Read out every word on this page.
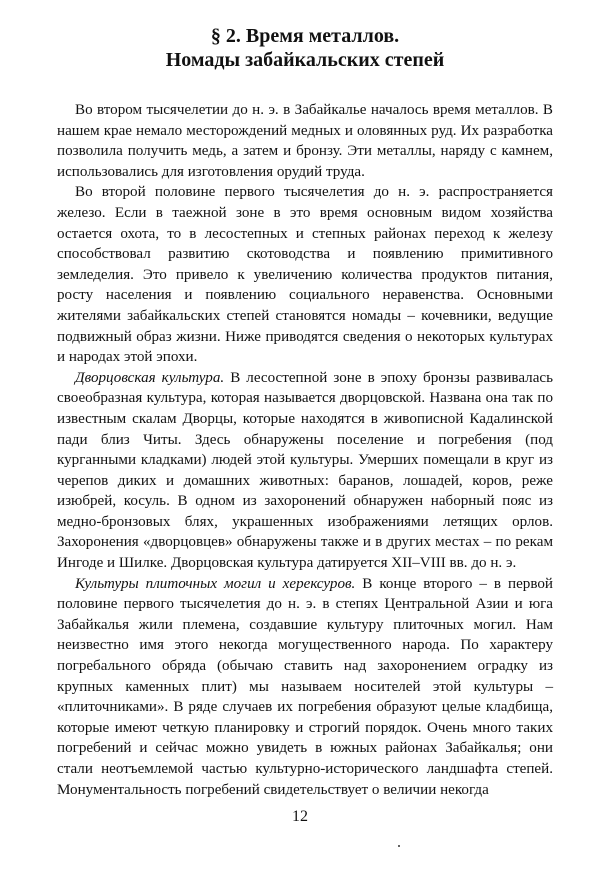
§ 2. Время металлов.
Номады забайкальских степей

Во втором тысячелетии до н. э. в Забайкалье началось время металлов. В нашем крае немало месторождений медных и оловянных руд. Их разработка позволила получить медь, а затем и бронзу. Эти металлы, наряду с камнем, использовались для изготовления орудий труда.

Во второй половине первого тысячелетия до н. э. распространяется железо. Если в таежной зоне в это время основным видом хозяйства остается охота, то в лесостепных и степных районах переход к железу способствовал развитию скотоводства и появлению примитивного земледелия. Это привело к увеличению количества продуктов питания, росту населения и появлению социального неравенства. Основными жителями забайкальских степей становятся номады – кочевники, ведущие подвижный образ жизни. Ниже приводятся сведения о некоторых культурах и народах этой эпохи.

Дворцовская культура. В лесостепной зоне в эпоху бронзы развивалась своеобразная культура, которая называется дворцовской. Названа она так по известным скалам Дворцы, которые находятся в живописной Кадалинской пади близ Читы. Здесь обнаружены поселение и погребения (под курганными кладками) людей этой культуры. Умерших помещали в круг из черепов диких и домашних животных: баранов, лошадей, коров, реже изюбрей, косуль. В одном из захоронений обнаружен наборный пояс из медно-бронзовых блях, украшенных изображениями летящих орлов. Захоронения «дворцовцев» обнаружены также и в других местах – по рекам Ингоде и Шилке. Дворцовская культура датируется XII–VIII вв. до н. э.

Культуры плиточных могил и херексуров. В конце второго – в первой половине первого тысячелетия до н. э. в степях Центральной Азии и юга Забайкалья жили племена, создавшие культуру плиточных могил. Нам неизвестно имя этого некогда могущественного народа. По характеру погребального обряда (обычаю ставить над захоронением оградку из крупных каменных плит) мы называем носителей этой культуры – «плиточниками». В ряде случаев их погребения образуют целые кладбища, которые имеют четкую планировку и строгий порядок. Очень много таких погребений и сейчас можно увидеть в южных районах Забайкалья; они стали неотъемлемой частью культурно-исторического ландшафта степей. Монументальность погребений свидетельствует о величии некогда

12
